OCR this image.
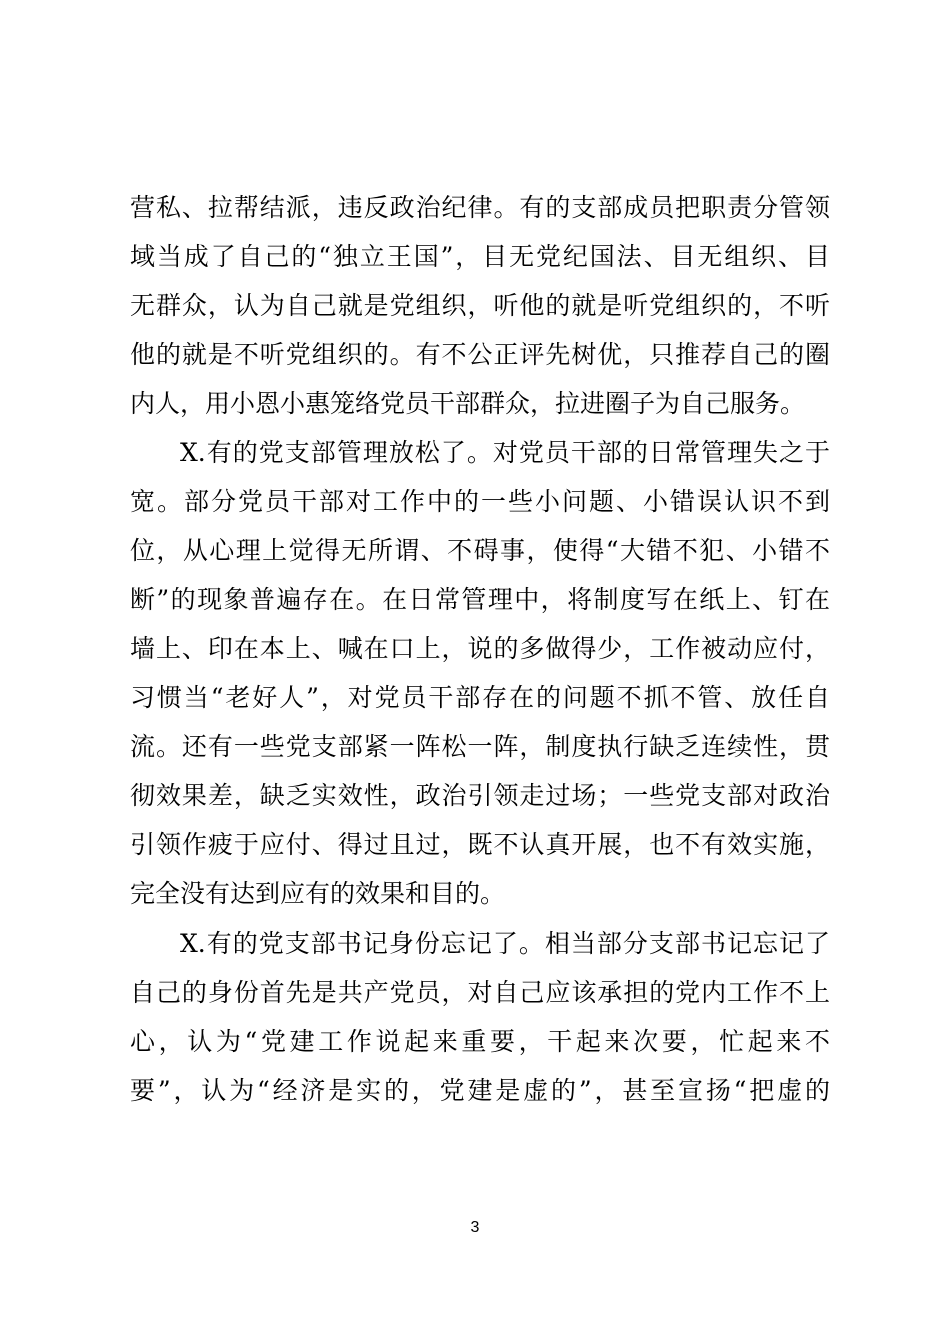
营私、拉帮结派，违反政治纪律。有的支部成员把职责分管领
域当成了自己的“独立王国”，目无党纪国法、目无组织、目
无群众，认为自己就是党组织，听他的就是听党组织的，不听
他的就是不听党组织的。有不公正评先树优，只推荐自己的圈
内人，用小恩小惠笼络党员干部群众，拉进圈子为自己服务。
X.有的党支部管理放松了。对党员干部的日常管理失之于
宽。部分党员干部对工作中的一些小问题、小错误认识不到
位，从心理上觉得无所谓、不碍事，使得“大错不犯、小错不
断”的现象普遍存在。在日常管理中，将制度写在纸上、钉在
墙上、印在本上、喊在口上，说的多做得少，工作被动应付，
习惯当“老好人”，对党员干部存在的问题不抓不管、放任自
流。还有一些党支部紧一阵松一阵，制度执行缺乏连续性，贯
彻效果差，缺乏实效性，政治引领走过场；一些党支部对政治
引领作疲于应付、得过且过，既不认真开展，也不有效实施，
完全没有达到应有的效果和目的。
X.有的党支部书记身份忘记了。相当部分支部书记忘记了
自己的身份首先是共产党员，对自己应该承担的党内工作不上
心，认为“党建工作说起来重要，干起来次要，忙起来不
要”，认为“经济是实的，党建是虚的”，甚至宣扬“把虚的
3
